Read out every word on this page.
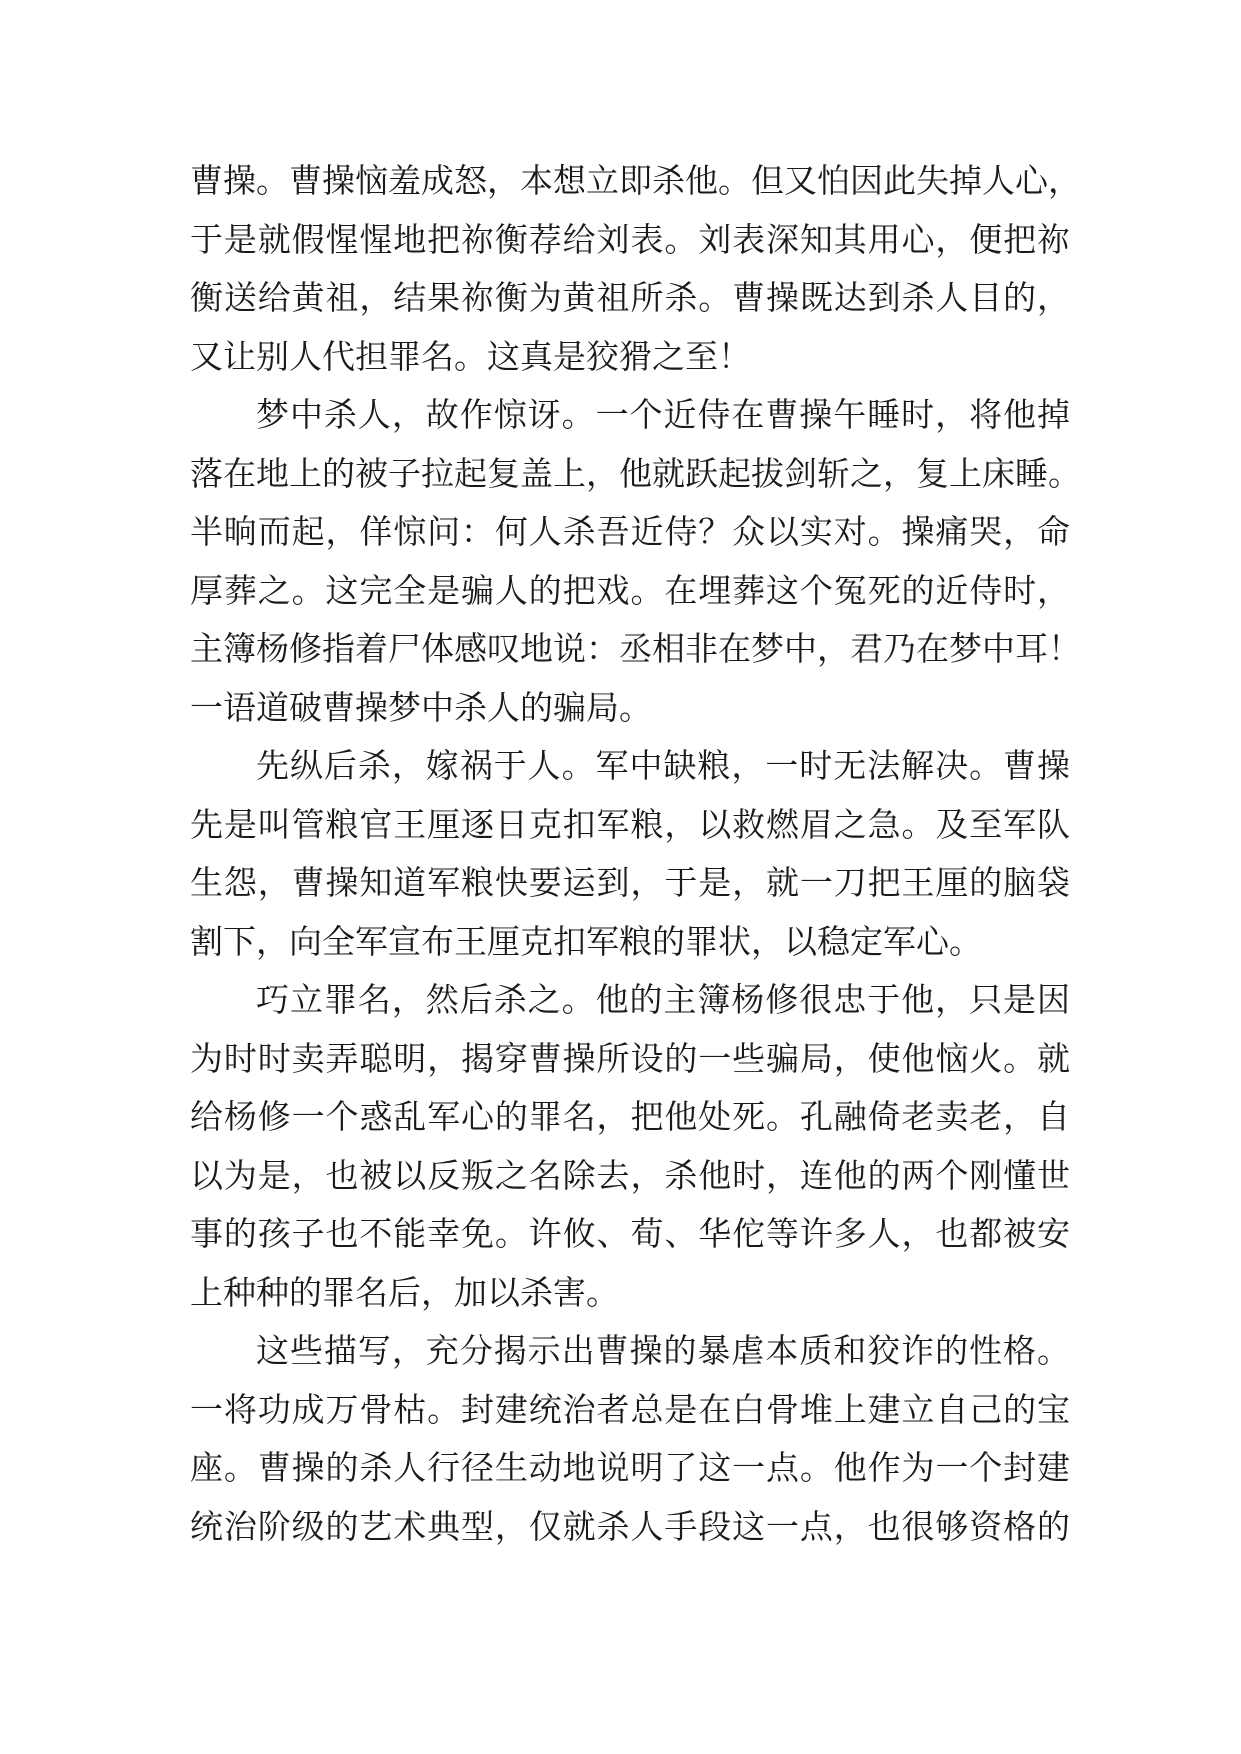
曹操。曹操恼羞成怒，本想立即杀他。但又怕因此失掉人心，
于是就假惺惺地把祢衡荐给刘表。刘表深知其用心，便把祢
衡送给黄祖，结果祢衡为黄祖所杀。曹操既达到杀人目的，
又让别人代担罪名。这真是狡猾之至！
梦中杀人，故作惊讶。一个近侍在曹操午睡时，将他掉
落在地上的被子拉起复盖上，他就跃起拔剑斩之，复上床睡。
半晌而起，佯惊问：何人杀吾近侍？众以实对。操痛哭，命
厚葬之。这完全是骗人的把戏。在埋葬这个冤死的近侍时，
主簿杨修指着尸体感叹地说：丞相非在梦中，君乃在梦中耳！
一语道破曹操梦中杀人的骗局。
先纵后杀，嫁祸于人。军中缺粮，一时无法解决。曹操
先是叫管粮官王厘逐日克扣军粮，以救燃眉之急。及至军队
生怨，曹操知道军粮快要运到，于是，就一刀把王厘的脑袋
割下，向全军宣布王厘克扣军粮的罪状，以稳定军心。
巧立罪名，然后杀之。他的主簿杨修很忠于他，只是因
为时时卖弄聪明，揭穿曹操所设的一些骗局，使他恼火。就
给杨修一个惑乱军心的罪名，把他处死。孔融倚老卖老，自
以为是，也被以反叛之名除去，杀他时，连他的两个刚懂世
事的孩子也不能幸免。许攸、荀、华佗等许多人，也都被安
上种种的罪名后，加以杀害。
这些描写，充分揭示出曹操的暴虐本质和狡诈的性格。
一将功成万骨枯。封建统治者总是在白骨堆上建立自己的宝
座。曹操的杀人行径生动地说明了这一点。他作为一个封建
统治阶级的艺术典型，仅就杀人手段这一点，也很够资格的
